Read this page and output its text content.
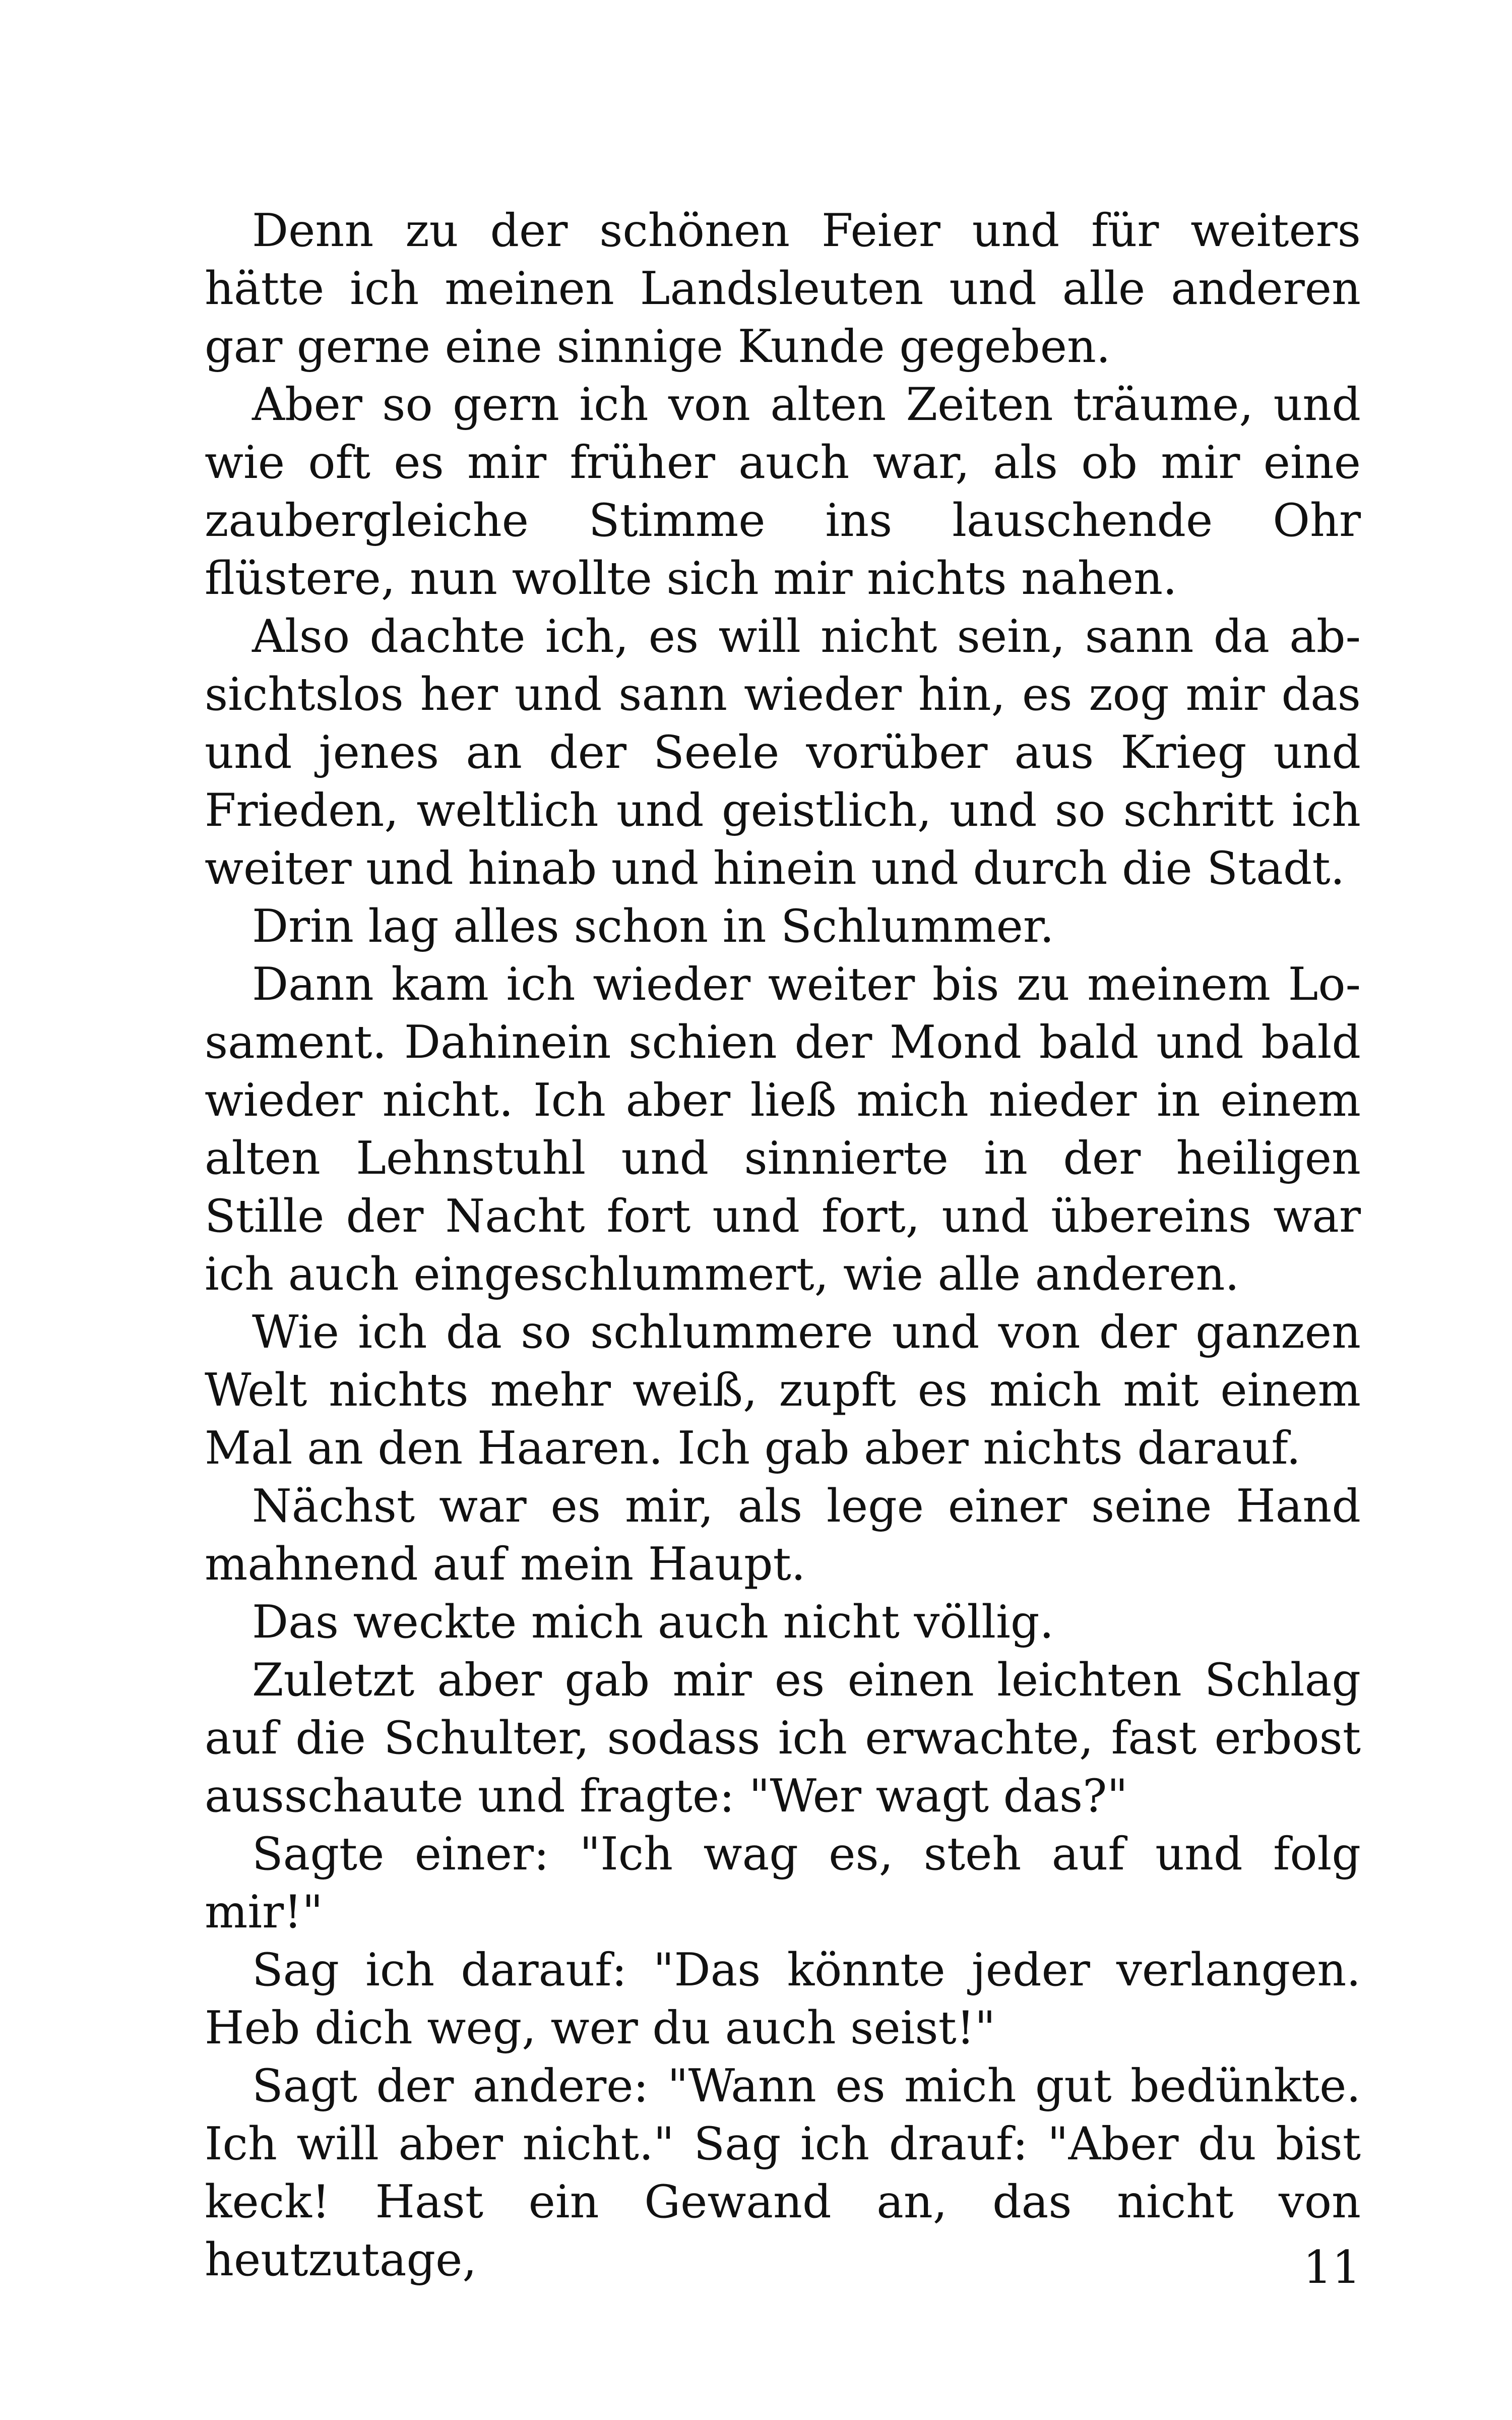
Denn zu der schönen Feier und für weiters hätte ich meinen Landsleuten und alle anderen gar gerne eine sinnige Kunde gegeben.

Aber so gern ich von alten Zeiten träume, und wie oft es mir früher auch war, als ob mir eine zaubergleiche Stimme ins lauschende Ohr flüstere, nun wollte sich mir nichts nahen.

Also dachte ich, es will nicht sein, sann da absichtslos her und sann wieder hin, es zog mir das und jenes an der Seele vorüber aus Krieg und Frieden, weltlich und geistlich, und so schritt ich weiter und hinab und hinein und durch die Stadt.

Drin lag alles schon in Schlummer.

Dann kam ich wieder weiter bis zu meinem Losament. Dahinein schien der Mond bald und bald wieder nicht. Ich aber ließ mich nieder in einem alten Lehnstuhl und sinnierte in der heiligen Stille der Nacht fort und fort, und übereins war ich auch eingeschlummert, wie alle anderen.

Wie ich da so schlummere und von der ganzen Welt nichts mehr weiß, zupft es mich mit einem Mal an den Haaren. Ich gab aber nichts darauf.

Nächst war es mir, als lege einer seine Hand mahnend auf mein Haupt.

Das weckte mich auch nicht völlig.

Zuletzt aber gab mir es einen leichten Schlag auf die Schulter, sodass ich erwachte, fast erbost ausschaute und fragte: "Wer wagt das?"

Sagte einer: "Ich wag es, steh auf und folg mir!"

Sag ich darauf: "Das könnte jeder verlangen. Heb dich weg, wer du auch seist!"

Sagt der andere: "Wann es mich gut bedünkte. Ich will aber nicht." Sag ich drauf: "Aber du bist keck! Hast ein Gewand an, das nicht von heutzutage,	11
